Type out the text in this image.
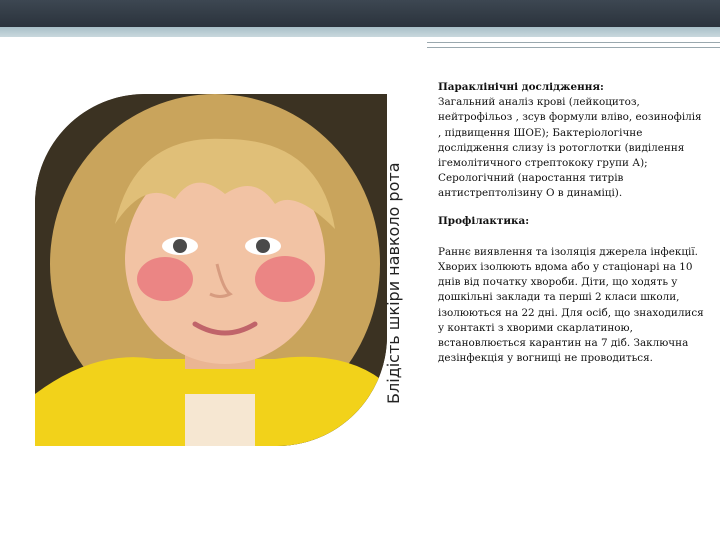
Блідість шкіри навколо рота

Параклінічні дослідження:

Загальний аналіз крові (лейкоцитоз, нейтрофільоз , зсув формули вліво, еозинофілія , підвищення ШОЕ); Бактеріологічне дослідження слизу із ротоглотки (виділення ігемолітичного стрептококу групи А); Серологічний (наростання титрів антистрептолізину О в динаміці).

Профілактика:

Раннє виявлення та ізоляція джерела інфекції. Хворих ізолюють вдома або у стаціонарі на 10 днів від початку хвороби. Діти, що ходять у дошкільні заклади та перші 2 класи школи, ізолюються на 22 дні. Для осіб, що знаходилися у контакті з хворими скарлатиною, встановлюється карантин на 7 діб. Заключна дезінфекція у вогнищі не проводиться.
